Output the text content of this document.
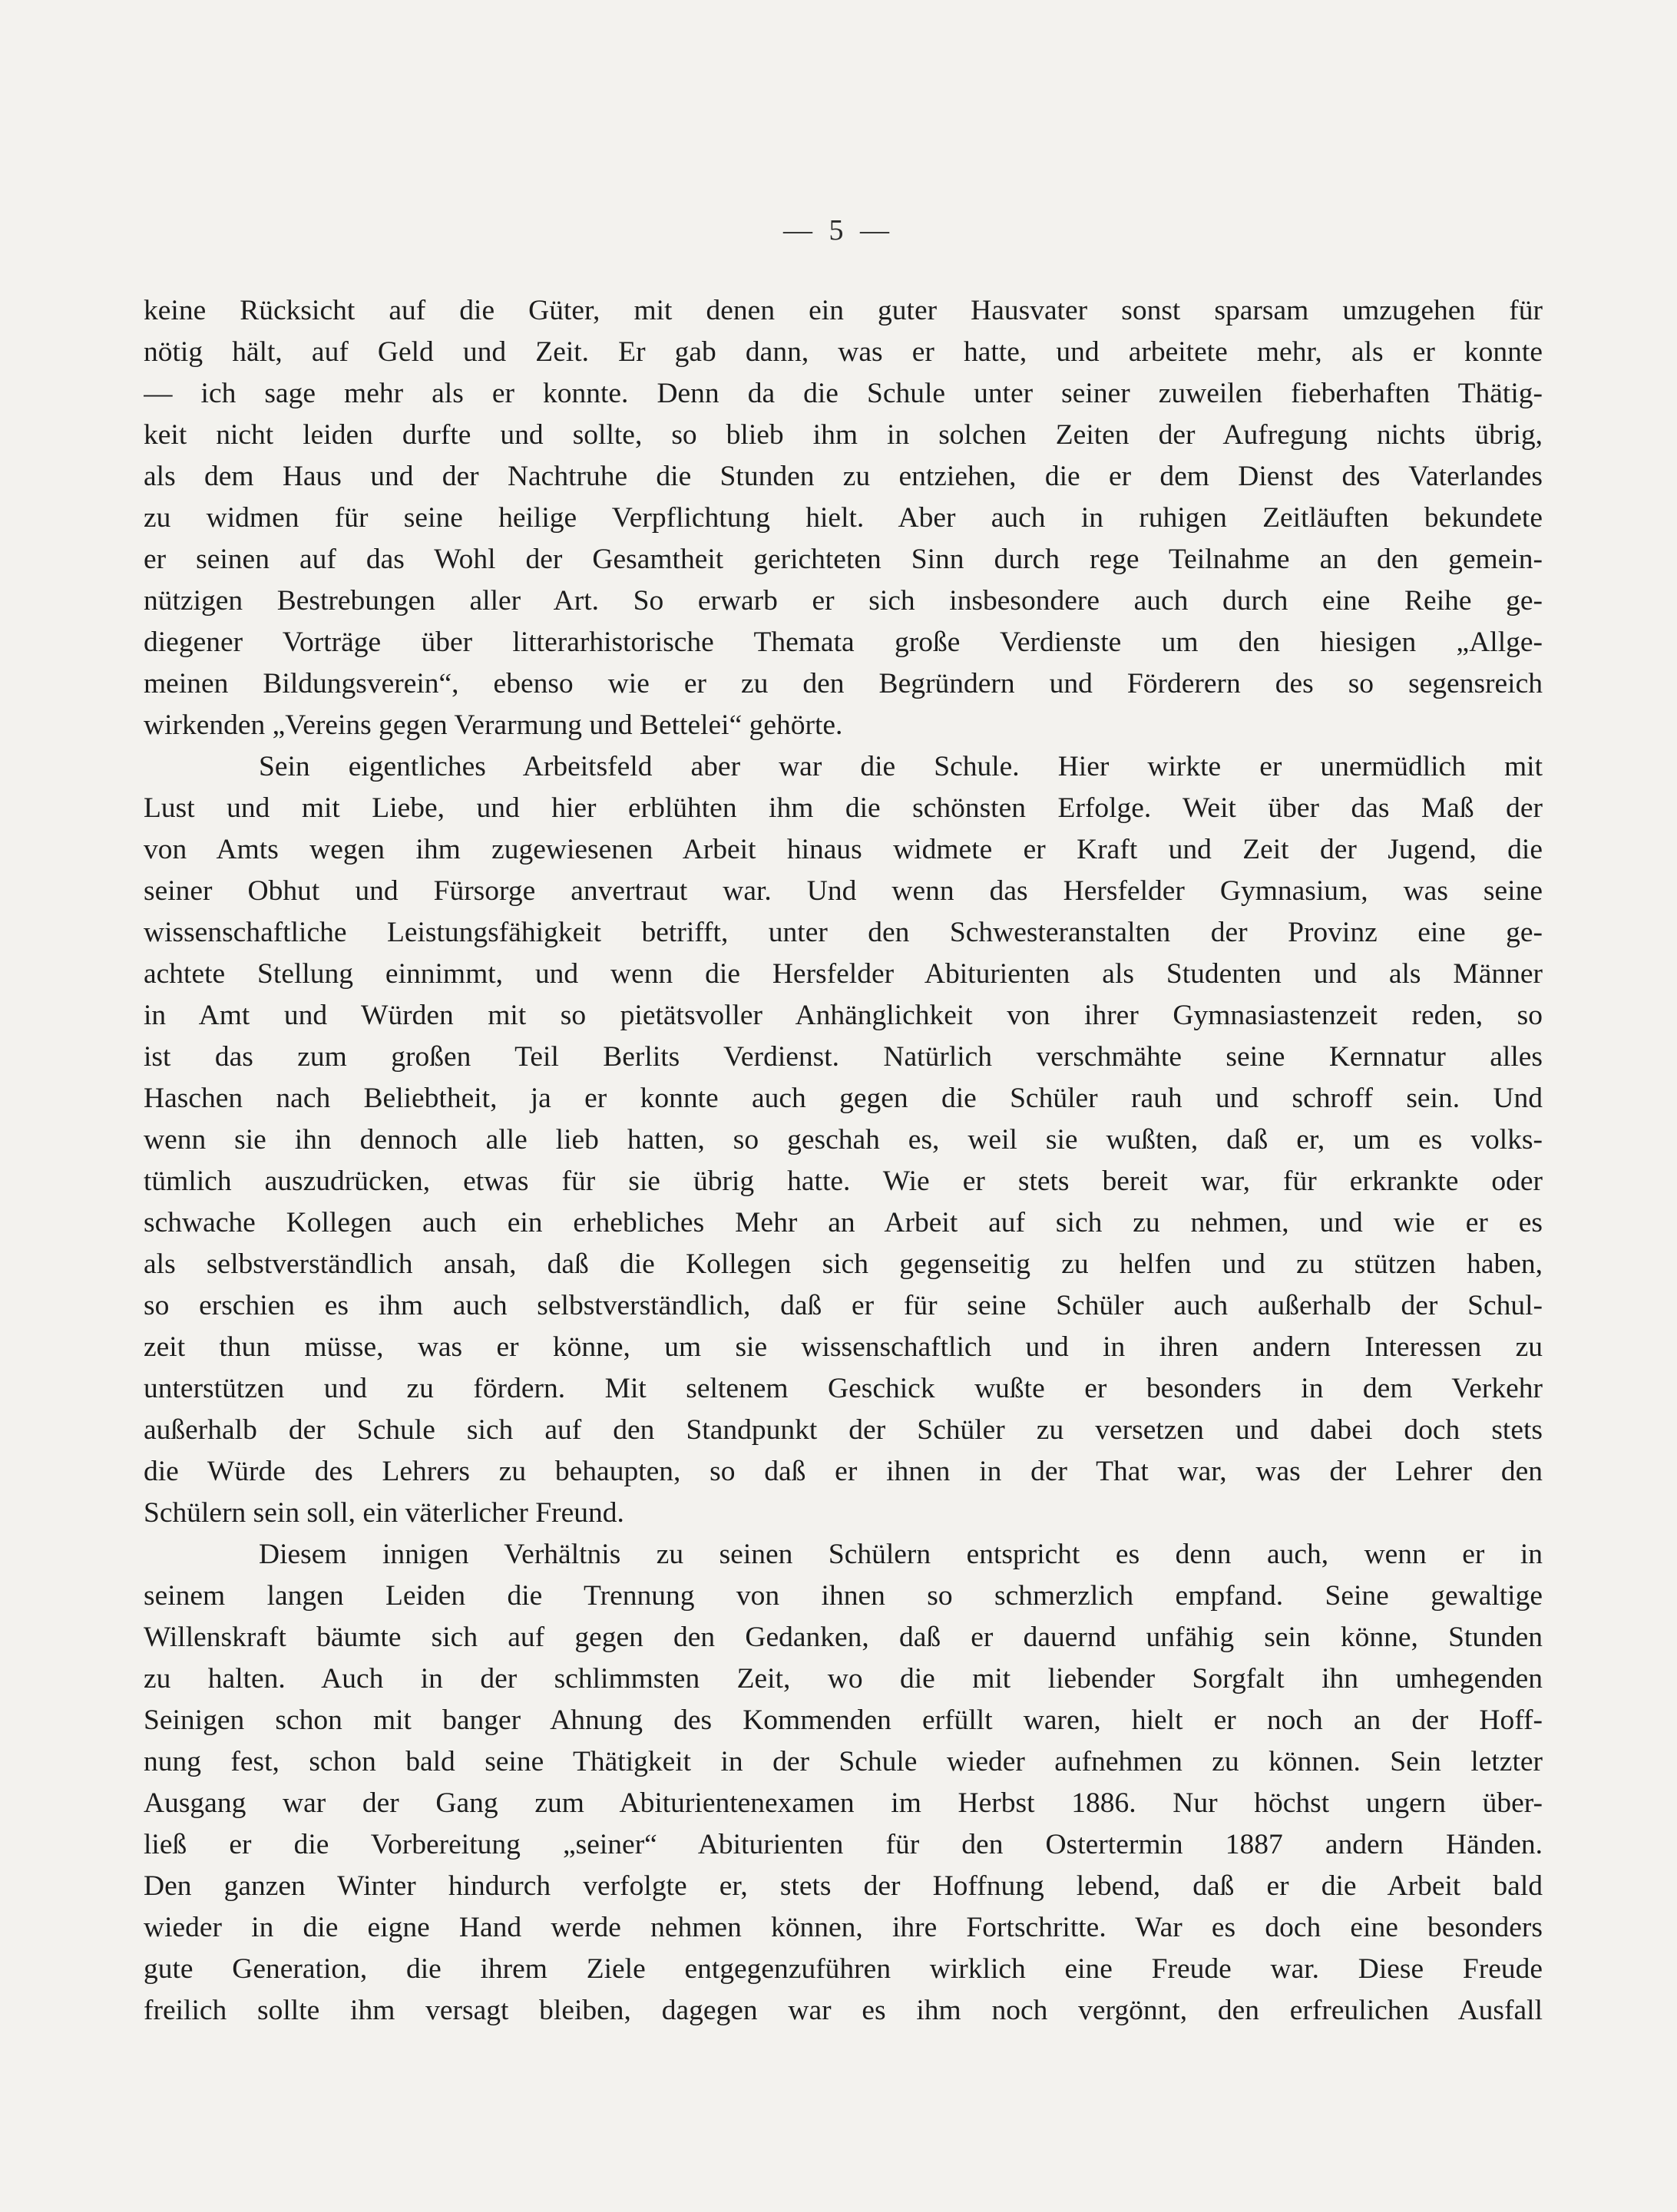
— 5 —
keine Rücksicht auf die Güter, mit denen ein guter Hausvater sonst sparsam umzugehen für
nötig hält, auf Geld und Zeit. Er gab dann, was er hatte, und arbeitete mehr, als er konnte
— ich sage mehr als er konnte. Denn da die Schule unter seiner zuweilen fieberhaften Thätig-
keit nicht leiden durfte und sollte, so blieb ihm in solchen Zeiten der Aufregung nichts übrig,
als dem Haus und der Nachtruhe die Stunden zu entziehen, die er dem Dienst des Vaterlandes
zu widmen für seine heilige Verpflichtung hielt. Aber auch in ruhigen Zeitläuften bekundete
er seinen auf das Wohl der Gesamtheit gerichteten Sinn durch rege Teilnahme an den gemein-
nützigen Bestrebungen aller Art. So erwarb er sich insbesondere auch durch eine Reihe ge-
diegener Vorträge über litterarhistorische Themata große Verdienste um den hiesigen „Allge-
meinen Bildungsverein“, ebenso wie er zu den Begründern und Förderern des so segensreich
wirkenden „Vereins gegen Verarmung und Bettelei“ gehörte.
Sein eigentliches Arbeitsfeld aber war die Schule. Hier wirkte er unermüdlich mit
Lust und mit Liebe, und hier erblühten ihm die schönsten Erfolge. Weit über das Maß der
von Amts wegen ihm zugewiesenen Arbeit hinaus widmete er Kraft und Zeit der Jugend, die
seiner Obhut und Fürsorge anvertraut war. Und wenn das Hersfelder Gymnasium, was seine
wissenschaftliche Leistungsfähigkeit betrifft, unter den Schwesteranstalten der Provinz eine ge-
achtete Stellung einnimmt, und wenn die Hersfelder Abiturienten als Studenten und als Männer
in Amt und Würden mit so pietätsvoller Anhänglichkeit von ihrer Gymnasiastenzeit reden, so
ist das zum großen Teil Berlits Verdienst. Natürlich verschmähte seine Kernnatur alles
Haschen nach Beliebtheit, ja er konnte auch gegen die Schüler rauh und schroff sein. Und
wenn sie ihn dennoch alle lieb hatten, so geschah es, weil sie wußten, daß er, um es volks-
tümlich auszudrücken, etwas für sie übrig hatte. Wie er stets bereit war, für erkrankte oder
schwache Kollegen auch ein erhebliches Mehr an Arbeit auf sich zu nehmen, und wie er es
als selbstverständlich ansah, daß die Kollegen sich gegenseitig zu helfen und zu stützen haben,
so erschien es ihm auch selbstverständlich, daß er für seine Schüler auch außerhalb der Schul-
zeit thun müsse, was er könne, um sie wissenschaftlich und in ihren andern Interessen zu
unterstützen und zu fördern. Mit seltenem Geschick wußte er besonders in dem Verkehr
außerhalb der Schule sich auf den Standpunkt der Schüler zu versetzen und dabei doch stets
die Würde des Lehrers zu behaupten, so daß er ihnen in der That war, was der Lehrer den
Schülern sein soll, ein väterlicher Freund.
Diesem innigen Verhältnis zu seinen Schülern entspricht es denn auch, wenn er in
seinem langen Leiden die Trennung von ihnen so schmerzlich empfand. Seine gewaltige
Willenskraft bäumte sich auf gegen den Gedanken, daß er dauernd unfähig sein könne, Stunden
zu halten. Auch in der schlimmsten Zeit, wo die mit liebender Sorgfalt ihn umhegenden
Seinigen schon mit banger Ahnung des Kommenden erfüllt waren, hielt er noch an der Hoff-
nung fest, schon bald seine Thätigkeit in der Schule wieder aufnehmen zu können. Sein letzter
Ausgang war der Gang zum Abiturientenexamen im Herbst 1886. Nur höchst ungern über-
ließ er die Vorbereitung „seiner“ Abiturienten für den Ostertermin 1887 andern Händen.
Den ganzen Winter hindurch verfolgte er, stets der Hoffnung lebend, daß er die Arbeit bald
wieder in die eigne Hand werde nehmen können, ihre Fortschritte. War es doch eine besonders
gute Generation, die ihrem Ziele entgegenzuführen wirklich eine Freude war. Diese Freude
freilich sollte ihm versagt bleiben, dagegen war es ihm noch vergönnt, den erfreulichen Ausfall
